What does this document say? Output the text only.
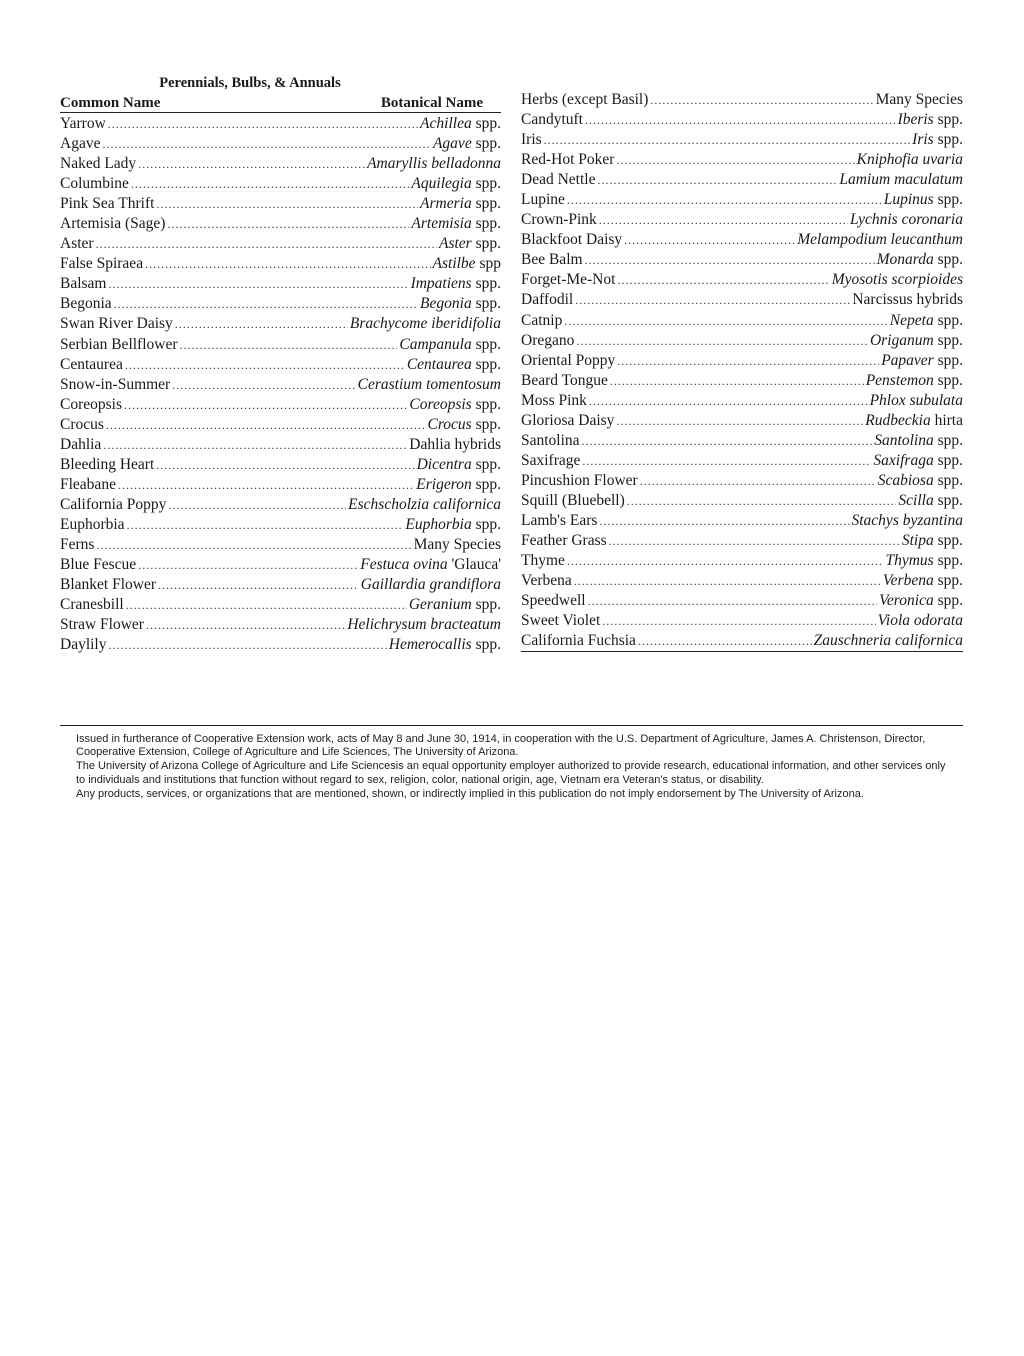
Perennials, Bulbs, & Annuals
Common Name	Botanical Name
Yarrow .....	Achillea spp.
Agave .....	Agave spp.
Naked Lady .....	Amaryllis belladonna
Columbine .....	Aquilegia spp.
Pink Sea Thrift .....	Armeria spp.
Artemisia (Sage) .....	Artemisia spp.
Aster .....	Aster spp.
False Spiraea .....	Astilbe spp
Balsam .....	Impatiens spp.
Begonia .....	Begonia spp.
Swan River Daisy .....	Brachycome iberidifolia
Serbian Bellflower .....	Campanula spp.
Centaurea .....	Centaurea spp.
Snow-in-Summer .....	Cerastium tomentosum
Coreopsis .....	Coreopsis spp.
Crocus .....	Crocus spp.
Dahlia .....	Dahlia hybrids
Bleeding Heart .....	Dicentra spp.
Fleabane .....	Erigeron spp.
California Poppy .....	Eschscholzia californica
Euphorbia .....	Euphorbia spp.
Ferns .....	Many Species
Blue Fescue .....	Festuca ovina 'Glauca'
Blanket Flower .....	Gaillardia grandiflora
Cranesbill .....	Geranium spp.
Straw Flower .....	Helichrysum bracteatum
Daylily .....	Hemerocallis spp.
Herbs (except Basil) .....	Many Species
Candytuft .....	Iberis spp.
Iris .....	Iris spp.
Red-Hot Poker .....	Kniphofia uvaria
Dead Nettle .....	Lamium maculatum
Lupine .....	Lupinus spp.
Crown-Pink .....	Lychnis coronaria
Blackfoot Daisy .....	Melampodium leucanthum
Bee Balm .....	Monarda spp.
Forget-Me-Not .....	Myosotis scorpioides
Daffodil .....	Narcissus hybrids
Catnip .....	Nepeta spp.
Oregano .....	Origanum spp.
Oriental Poppy .....	Papaver spp.
Beard Tongue .....	Penstemon spp.
Moss Pink .....	Phlox subulata
Gloriosa Daisy .....	Rudbeckia hirta
Santolina .....	Santolina spp.
Saxifrage .....	Saxifraga spp.
Pincushion Flower .....	Scabiosa spp.
Squill (Bluebell) .....	Scilla spp.
Lamb's Ears .....	Stachys byzantina
Feather Grass .....	Stipa spp.
Thyme .....	Thymus spp.
Verbena .....	Verbena spp.
Speedwell .....	Veronica spp.
Sweet Violet .....	Viola odorata
California Fuchsia .....	Zauschneria californica

Issued in furtherance of Cooperative Extension work, acts of May 8 and June 30, 1914, in cooperation with the U.S. Department of Agriculture, James A. Christenson, Director, Cooperative Extension, College of Agriculture and Life Sciences, The University of Arizona.

The University of Arizona College of Agriculture and Life Sciencesis an equal opportunity employer authorized to provide research, educational information, and other services only to individuals and institutions that function without regard to sex, religion, color, national origin, age, Vietnam era Veteran's status, or disability.

Any products, services, or organizations that are mentioned, shown, or indirectly implied in this publication do not imply endorsement by The University of Arizona.
